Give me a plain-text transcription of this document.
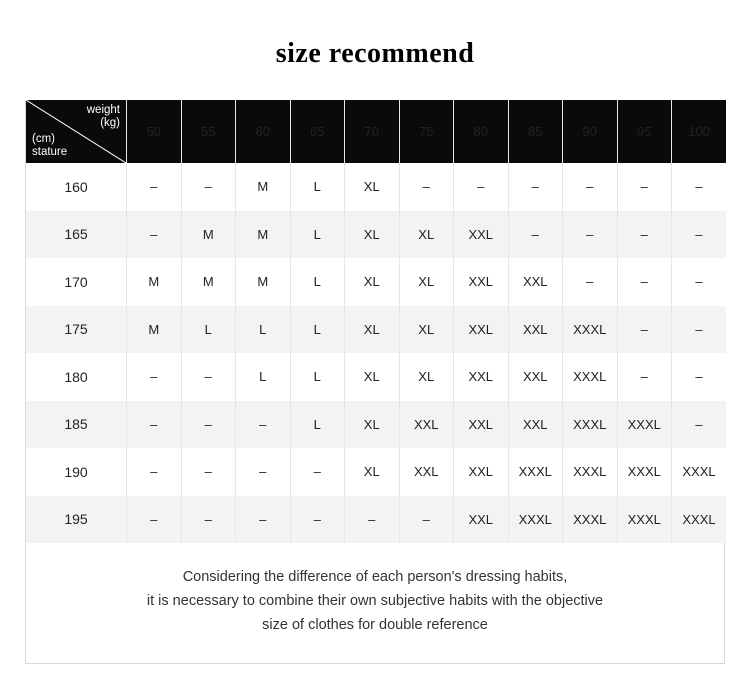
size recommend
weight
(kg)
(cm)
stature	50	55	60	65	70	75	80	85	90	95	100
160	–	–	M	L	XL	–	–	–	–	–	–
165	–	M	M	L	XL	XL	XXL	–	–	–	–
170	M	M	M	L	XL	XL	XXL	XXL	–	–	–
175	M	L	L	L	XL	XL	XXL	XXL	XXXL	–	–
180	–	–	L	L	XL	XL	XXL	XXL	XXXL	–	–
185	–	–	–	L	XL	XXL	XXL	XXL	XXXL	XXXL	–
190	–	–	–	–	XL	XXL	XXL	XXXL	XXXL	XXXL	XXXL
195	–	–	–	–	–	–	XXL	XXXL	XXXL	XXXL	XXXL
Considering the difference of each person's dressing habits,
it is necessary to combine their own subjective habits with the objective
size of clothes for double reference
